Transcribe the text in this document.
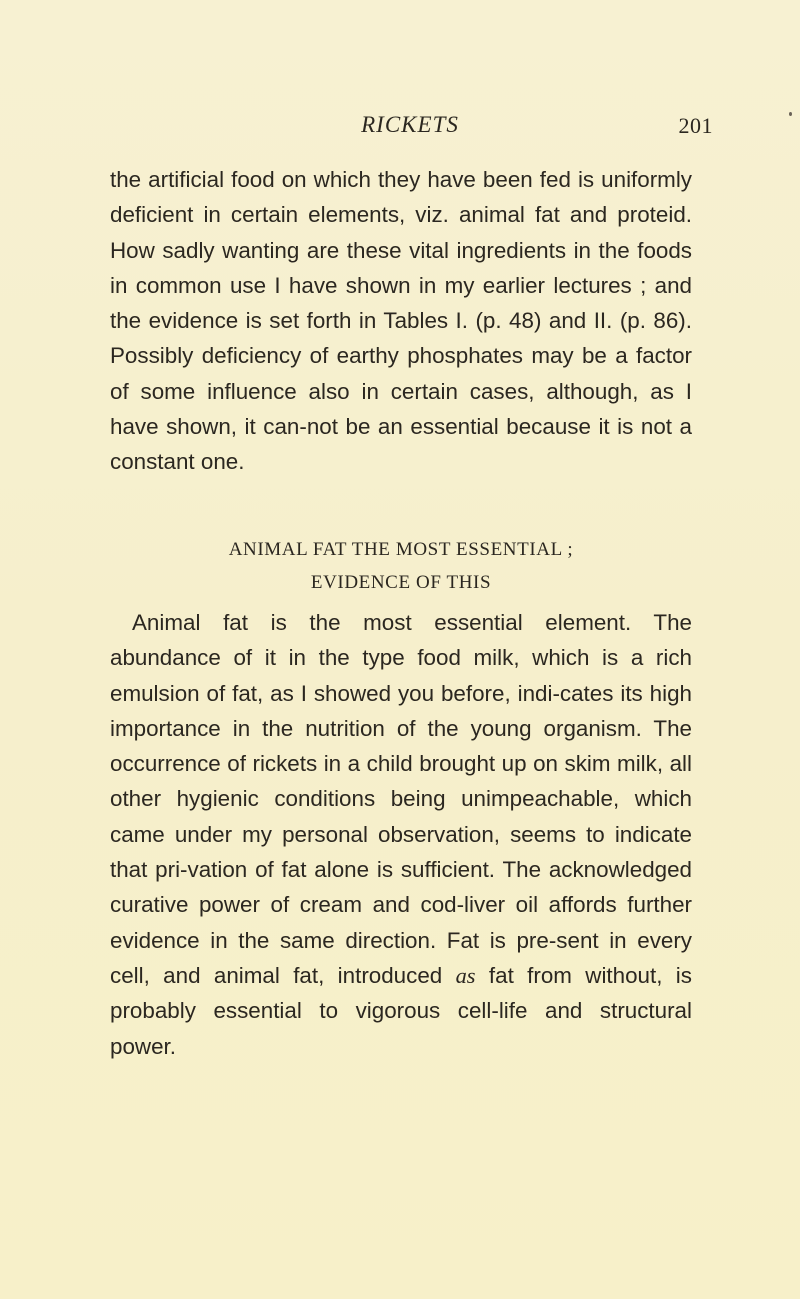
RICKETS	201

the artificial food on which they have been fed is uniformly deficient in certain elements, viz. animal fat and proteid. How sadly wanting are these vital ingredients in the foods in common use I have shown in my earlier lectures ; and the evidence is set forth in Tables I. (p. 48) and II. (p. 86). Possibly deficiency of earthy phosphates may be a factor of some influence also in certain cases, although, as I have shown, it can-not be an essential because it is not a constant one.

ANIMAL FAT THE MOST ESSENTIAL ;
EVIDENCE OF THIS

Animal fat is the most essential element. The abundance of it in the type food milk, which is a rich emulsion of fat, as I showed you before, indi-cates its high importance in the nutrition of the young organism. The occurrence of rickets in a child brought up on skim milk, all other hygienic conditions being unimpeachable, which came under my personal observation, seems to indicate that pri-vation of fat alone is sufficient. The acknowledged curative power of cream and cod-liver oil affords further evidence in the same direction. Fat is pre-sent in every cell, and animal fat, introduced as fat from without, is probably essential to vigorous cell-life and structural power.
